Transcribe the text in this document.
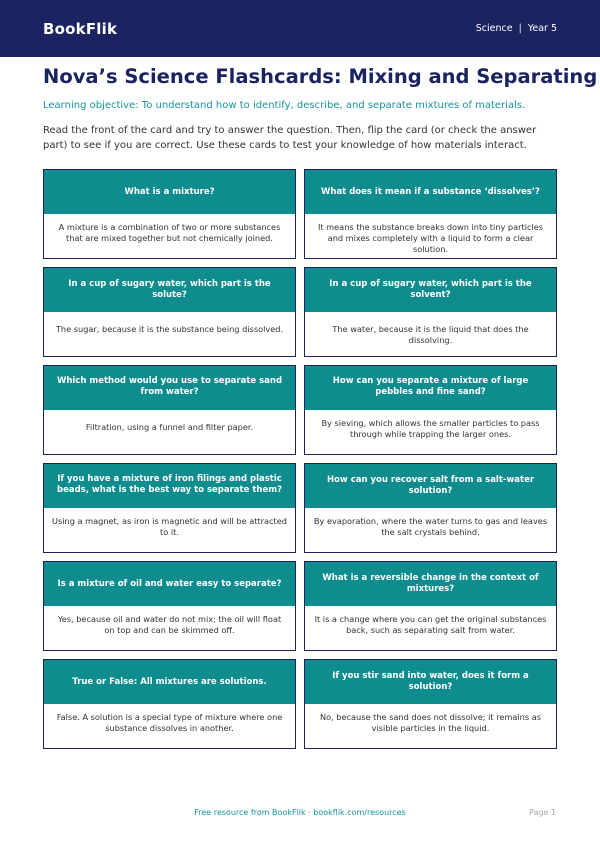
BookFlik	Science | Year 5
Nova’s Science Flashcards: Mixing and Separating

Learning objective: To understand how to identify, describe, and separate mixtures of materials.

Read the front of the card and try to answer the question. Then, flip the card (or check the answer part) to see if you are correct. Use these cards to test your knowledge of how materials interact.

What is a mixture?
A mixture is a combination of two or more substances that are mixed together but not chemically joined.
What does it mean if a substance ‘dissolves’?
It means the substance breaks down into tiny particles and mixes completely with a liquid to form a clear solution.
In a cup of sugary water, which part is the solute?
The sugar, because it is the substance being dissolved.
In a cup of sugary water, which part is the solvent?
The water, because it is the liquid that does the dissolving.
Which method would you use to separate sand from water?
Filtration, using a funnel and filter paper.
How can you separate a mixture of large pebbles and fine sand?
By sieving, which allows the smaller particles to pass through while trapping the larger ones.
If you have a mixture of iron filings and plastic beads, what is the best way to separate them?
Using a magnet, as iron is magnetic and will be attracted to it.
How can you recover salt from a salt-water solution?
By evaporation, where the water turns to gas and leaves the salt crystals behind.
Is a mixture of oil and water easy to separate?
Yes, because oil and water do not mix; the oil will float on top and can be skimmed off.
What is a reversible change in the context of mixtures?
It is a change where you can get the original substances back, such as separating salt from water.
True or False: All mixtures are solutions.
False. A solution is a special type of mixture where one substance dissolves in another.
If you stir sand into water, does it form a solution?
No, because the sand does not dissolve; it remains as visible particles in the liquid.
Free resource from BookFlik · bookflik.com/resources	Page 1
